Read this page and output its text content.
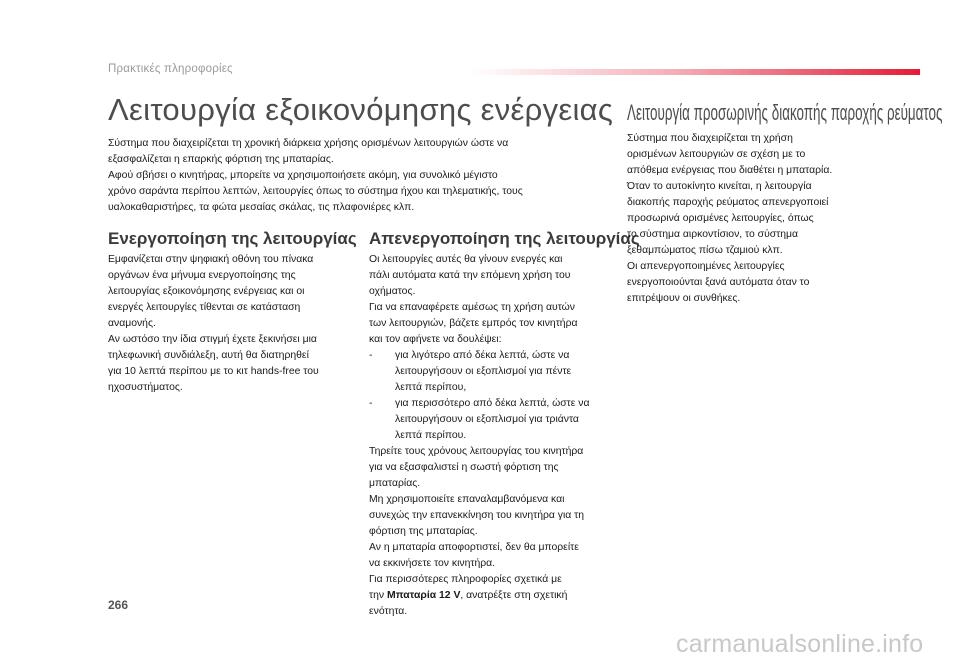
Πρακτικές πληροφορίες
Λειτουργία εξοικονόμησης ενέργειας Λειτουργία προσωρινής διακοπής παροχής ρεύματος

Σύστημα που διαχειρίζεται τη χρονική διάρκεια χρήσης ορισμένων λειτουργιών ώστε να
εξασφαλίζεται η επαρκής φόρτιση της μπαταρίας.
Αφού σβήσει ο κινητήρας, μπορείτε να χρησιμοποιήσετε ακόμη, για συνολικό μέγιστο
χρόνο σαράντα περίπου λεπτών, λειτουργίες όπως το σύστημα ήχου και τηλεματικής, τους
υαλοκαθαριστήρες, τα φώτα μεσαίας σκάλας, τις πλαφονιέρες κλπ.

Ενεργοποίηση της λειτουργίας

Εμφανίζεται στην ψηφιακή οθόνη του πίνακα
οργάνων ένα μήνυμα ενεργοποίησης της
λειτουργίας εξοικονόμησης ενέργειας και οι
ενεργές λειτουργίες τίθενται σε κατάσταση
αναμονής.
Αν ωστόσο την ίδια στιγμή έχετε ξεκινήσει μια
τηλεφωνική συνδιάλεξη, αυτή θα διατηρηθεί
για 10 λεπτά περίπου με το κιτ hands-free του
ηχοσυστήματος.

Απενεργοποίηση της λειτουργίας

Οι λειτουργίες αυτές θα γίνουν ενεργές και
πάλι αυτόματα κατά την επόμενη χρήση του
οχήματος.
Για να επαναφέρετε αμέσως τη χρήση αυτών
των λειτουργιών, βάζετε εμπρός τον κινητήρα
και τον αφήνετε να δουλέψει:
- για λιγότερο από δέκα λεπτά, ώστε να
λειτουργήσουν οι εξοπλισμοί για πέντε
λεπτά περίπου,
- για περισσότερο από δέκα λεπτά, ώστε να
λειτουργήσουν οι εξοπλισμοί για τριάντα
λεπτά περίπου.
Τηρείτε τους χρόνους λειτουργίας του κινητήρα
για να εξασφαλιστεί η σωστή φόρτιση της
μπαταρίας.
Μη χρησιμοποιείτε επαναλαμβανόμενα και
συνεχώς την επανεκκίνηση του κινητήρα για τη
φόρτιση της μπαταρίας.
Αν η μπαταρία αποφορτιστεί, δεν θα μπορείτε
να εκκινήσετε τον κινητήρα.
Για περισσότερες πληροφορίες σχετικά με
την Μπαταρία 12 V, ανατρέξτε στη σχετική
ενότητα.

Σύστημα που διαχειρίζεται τη χρήση
ορισμένων λειτουργιών σε σχέση με το
απόθεμα ενέργειας που διαθέτει η μπαταρία.
Όταν το αυτοκίνητο κινείται, η λειτουργία
διακοπής παροχής ρεύματος απενεργοποιεί
προσωρινά ορισμένες λειτουργίες, όπως
το σύστημα αιρκοντίσιον, το σύστημα
ξεθαμπώματος πίσω τζαμιού κλπ.
Οι απενεργοποιημένες λειτουργίες
ενεργοποιούνται ξανά αυτόματα όταν το
επιτρέψουν οι συνθήκες.

266
carmanualsonline.info
